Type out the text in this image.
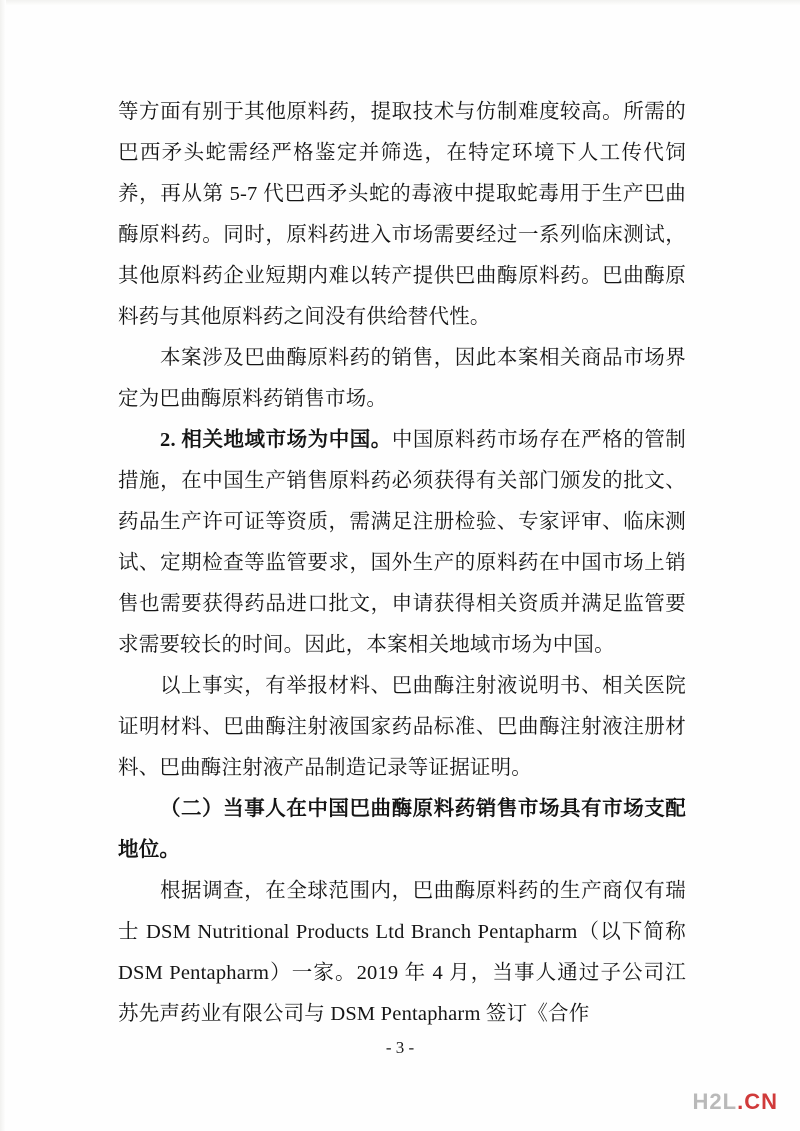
等方面有别于其他原料药，提取技术与仿制难度较高。所需的巴西矛头蛇需经严格鉴定并筛选，在特定环境下人工传代饲养，再从第 5-7 代巴西矛头蛇的毒液中提取蛇毒用于生产巴曲酶原料药。同时，原料药进入市场需要经过一系列临床测试，其他原料药企业短期内难以转产提供巴曲酶原料药。巴曲酶原料药与其他原料药之间没有供给替代性。

本案涉及巴曲酶原料药的销售，因此本案相关商品市场界定为巴曲酶原料药销售市场。

2. 相关地域市场为中国。中国原料药市场存在严格的管制措施，在中国生产销售原料药必须获得有关部门颁发的批文、药品生产许可证等资质，需满足注册检验、专家评审、临床测试、定期检查等监管要求，国外生产的原料药在中国市场上销售也需要获得药品进口批文，申请获得相关资质并满足监管要求需要较长的时间。因此，本案相关地域市场为中国。

以上事实，有举报材料、巴曲酶注射液说明书、相关医院证明材料、巴曲酶注射液国家药品标准、巴曲酶注射液注册材料、巴曲酶注射液产品制造记录等证据证明。

（二）当事人在中国巴曲酶原料药销售市场具有市场支配地位。

根据调查，在全球范围内，巴曲酶原料药的生产商仅有瑞士 DSM Nutritional Products Ltd Branch Pentapharm（以下简称 DSM Pentapharm）一家。2019 年 4 月，当事人通过子公司江苏先声药业有限公司与 DSM Pentapharm 签订《合作

- 3 -
H2L.CN
